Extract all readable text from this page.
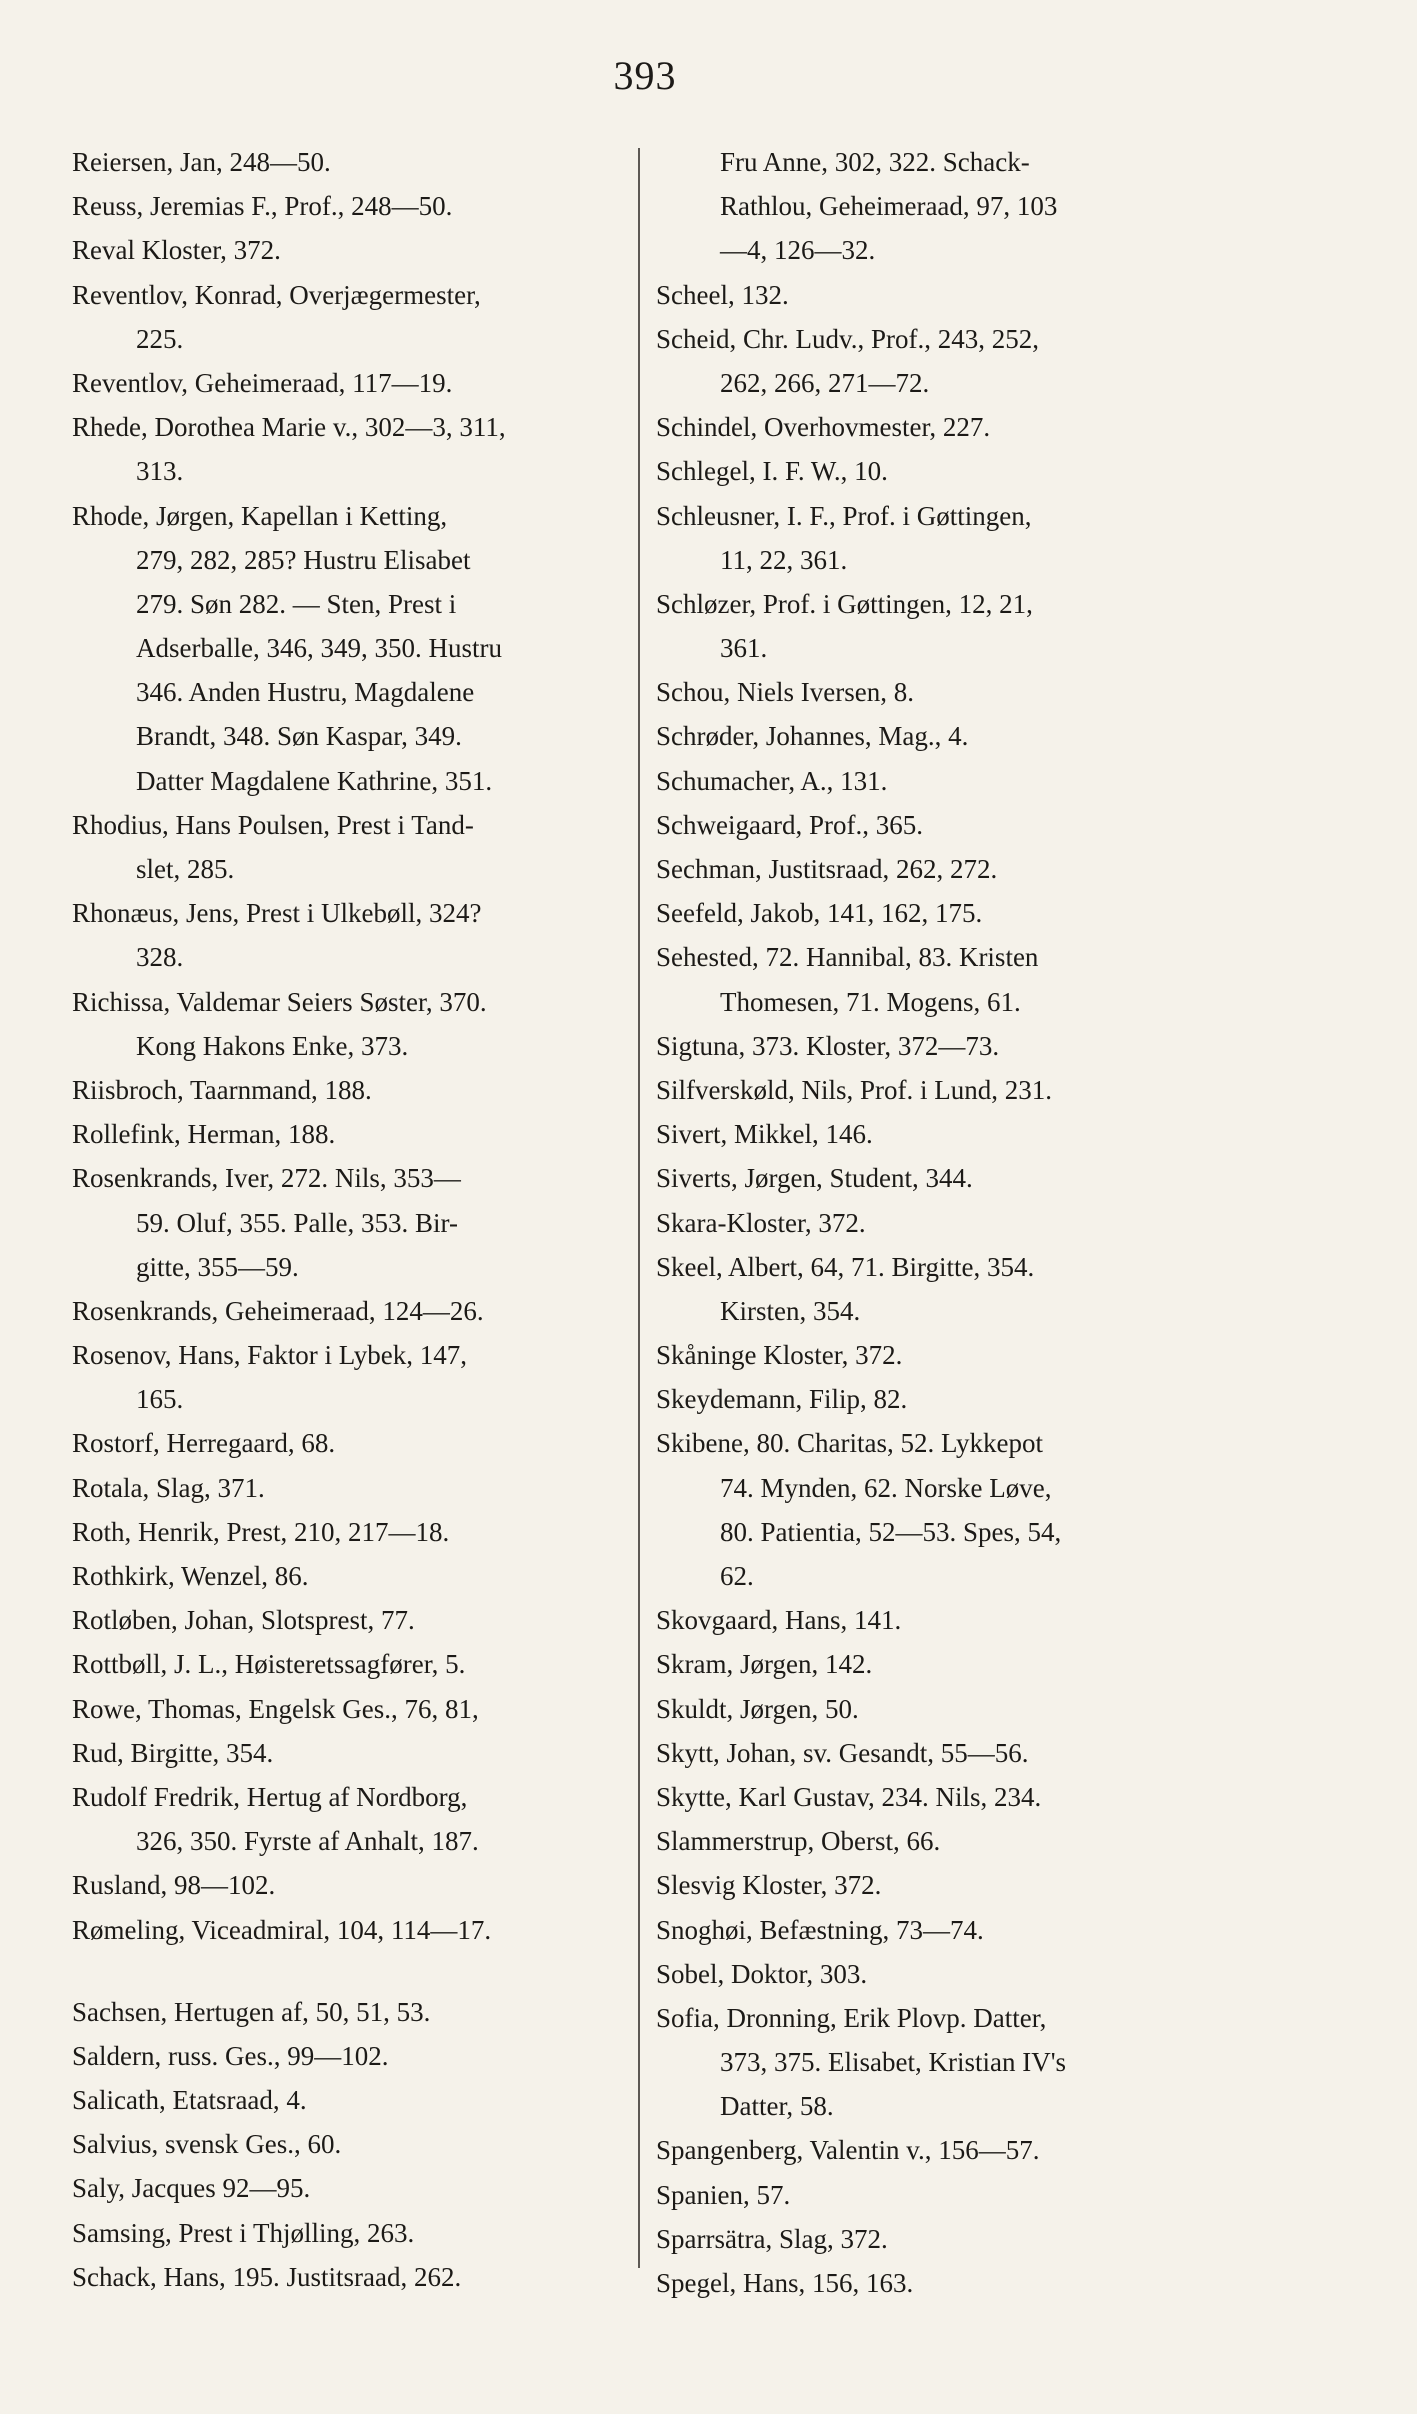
393
Reiersen, Jan, 248—50.
Reuss, Jeremias F., Prof., 248—50.
Reval Kloster, 372.
Reventlov, Konrad, Overjægermester,
225.
Reventlov, Geheimeraad, 117—19.
Rhede, Dorothea Marie v., 302—3, 311,
313.
Rhode, Jørgen, Kapellan i Ketting,
279, 282, 285? Hustru Elisabet
279. Søn 282. — Sten, Prest i
Adserballe, 346, 349, 350. Hustru
346. Anden Hustru, Magdalene
Brandt, 348. Søn Kaspar, 349.
Datter Magdalene Kathrine, 351.
Rhodius, Hans Poulsen, Prest i Tand-
slet, 285.
Rhonæus, Jens, Prest i Ulkebøll, 324?
328.
Richissa, Valdemar Seiers Søster, 370.
Kong Hakons Enke, 373.
Riisbroch, Taarnmand, 188.
Rollefink, Herman, 188.
Rosenkrands, Iver, 272. Nils, 353—
59. Oluf, 355. Palle, 353. Bir-
gitte, 355—59.
Rosenkrands, Geheimeraad, 124—26.
Rosenov, Hans, Faktor i Lybek, 147,
165.
Rostorf, Herregaard, 68.
Rotala, Slag, 371.
Roth, Henrik, Prest, 210, 217—18.
Rothkirk, Wenzel, 86.
Rotløben, Johan, Slotsprest, 77.
Rottbøll, J. L., Høisteretssagfører, 5.
Rowe, Thomas, Engelsk Ges., 76, 81,
Rud, Birgitte, 354.
Rudolf Fredrik, Hertug af Nordborg,
326, 350. Fyrste af Anhalt, 187.
Rusland, 98—102.
Rømeling, Viceadmiral, 104, 114—17.
Sachsen, Hertugen af, 50, 51, 53.
Saldern, russ. Ges., 99—102.
Salicath, Etatsraad, 4.
Salvius, svensk Ges., 60.
Saly, Jacques 92—95.
Samsing, Prest i Thjølling, 263.
Schack, Hans, 195. Justitsraad, 262.
Fru Anne, 302, 322. Schack-
Rathlou, Geheimeraad, 97, 103
—4, 126—32.
Scheel, 132.
Scheid, Chr. Ludv., Prof., 243, 252,
262, 266, 271—72.
Schindel, Overhovmester, 227.
Schlegel, I. F. W., 10.
Schleusner, I. F., Prof. i Gøttingen,
11, 22, 361.
Schløzer, Prof. i Gøttingen, 12, 21,
361.
Schou, Niels Iversen, 8.
Schrøder, Johannes, Mag., 4.
Schumacher, A., 131.
Schweigaard, Prof., 365.
Sechman, Justitsraad, 262, 272.
Seefeld, Jakob, 141, 162, 175.
Sehested, 72. Hannibal, 83. Kristen
Thomesen, 71. Mogens, 61.
Sigtuna, 373. Kloster, 372—73.
Silfverskøld, Nils, Prof. i Lund, 231.
Sivert, Mikkel, 146.
Siverts, Jørgen, Student, 344.
Skara-Kloster, 372.
Skeel, Albert, 64, 71. Birgitte, 354.
Kirsten, 354.
Skåninge Kloster, 372.
Skeydemann, Filip, 82.
Skibene, 80. Charitas, 52. Lykkepot
74. Mynden, 62. Norske Løve,
80. Patientia, 52—53. Spes, 54,
62.
Skovgaard, Hans, 141.
Skram, Jørgen, 142.
Skuldt, Jørgen, 50.
Skytt, Johan, sv. Gesandt, 55—56.
Skytte, Karl Gustav, 234. Nils, 234.
Slammerstrup, Oberst, 66.
Slesvig Kloster, 372.
Snoghøi, Befæstning, 73—74.
Sobel, Doktor, 303.
Sofia, Dronning, Erik Plovp. Datter,
373, 375. Elisabet, Kristian IV's
Datter, 58.
Spangenberg, Valentin v., 156—57.
Spanien, 57.
Sparrsätra, Slag, 372.
Spegel, Hans, 156, 163.
